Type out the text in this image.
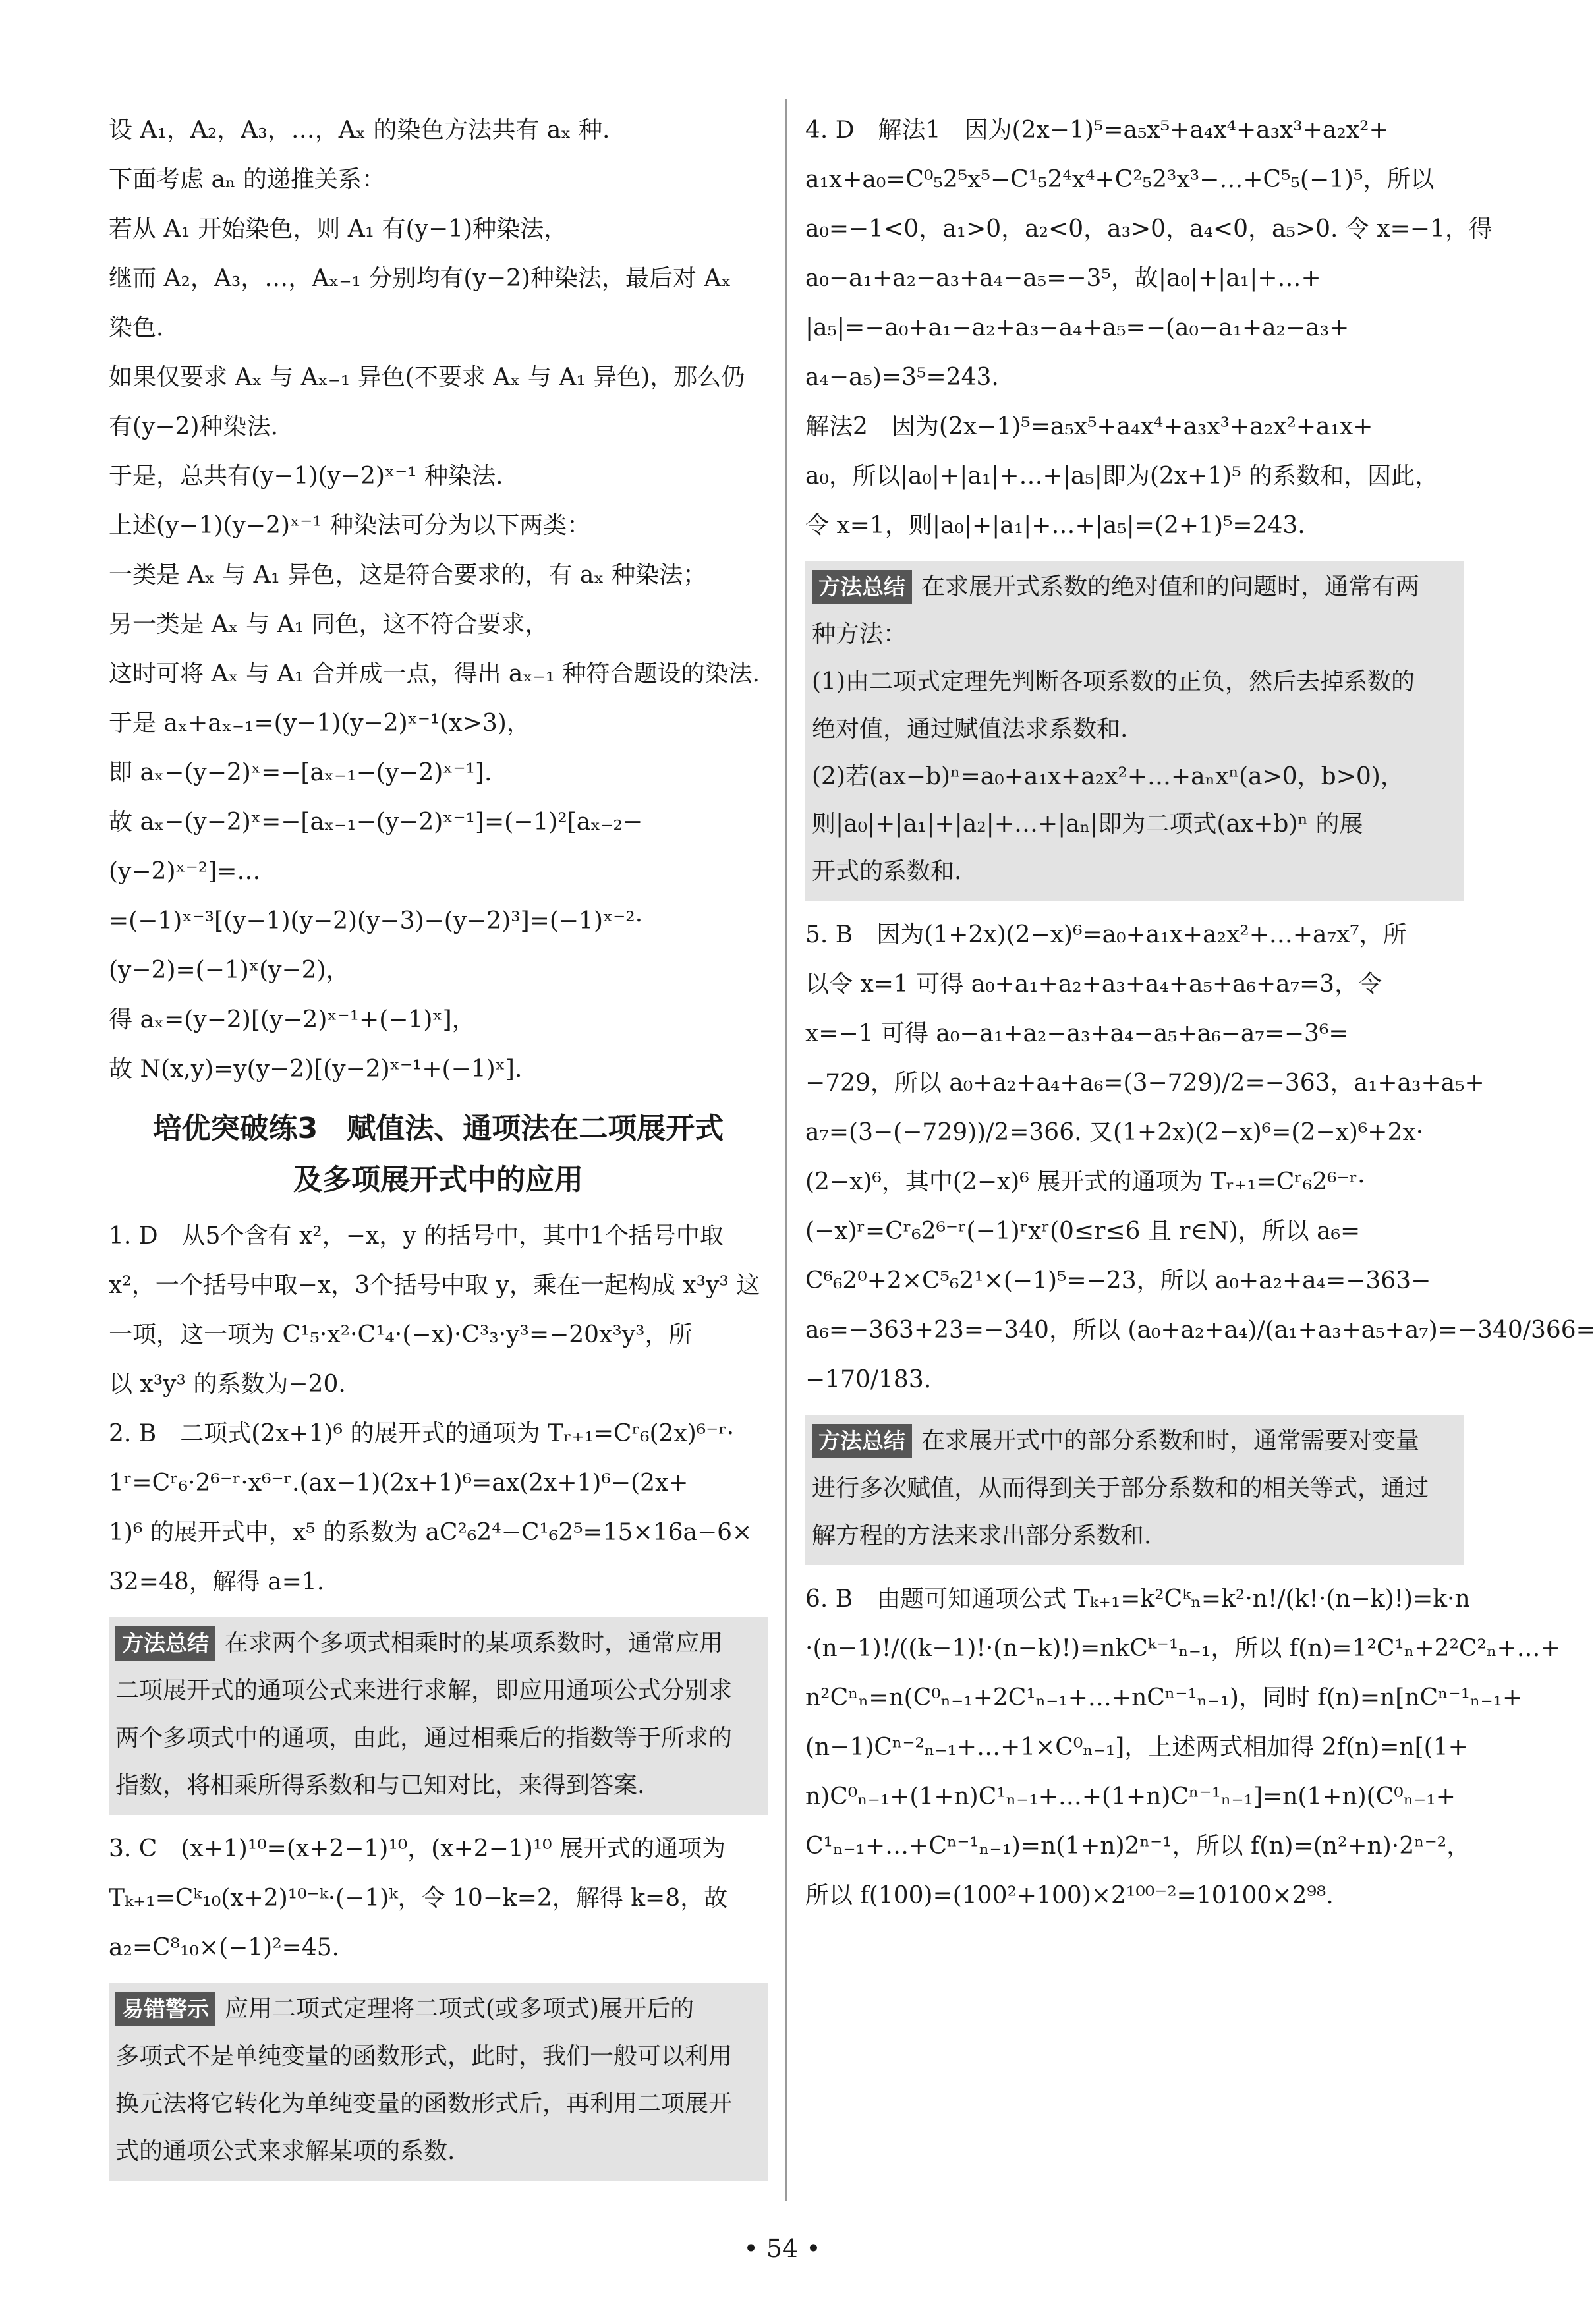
设 A₁，A₂，A₃，…，Aₓ 的染色方法共有 aₓ 种.
下面考虑 aₙ 的递推关系：
若从 A₁ 开始染色，则 A₁ 有(y−1)种染法，
继而 A₂，A₃，…，Aₓ₋₁ 分别均有(y−2)种染法，最后对 Aₓ
染色.
如果仅要求 Aₓ 与 Aₓ₋₁ 异色(不要求 Aₓ 与 A₁ 异色)，那么仍
有(y−2)种染法.
于是，总共有(y−1)(y−2)ˣ⁻¹ 种染法.
上述(y−1)(y−2)ˣ⁻¹ 种染法可分为以下两类：
一类是 Aₓ 与 A₁ 异色，这是符合要求的，有 aₓ 种染法；
另一类是 Aₓ 与 A₁ 同色，这不符合要求，
这时可将 Aₓ 与 A₁ 合并成一点，得出 aₓ₋₁ 种符合题设的染法.
于是 aₓ+aₓ₋₁=(y−1)(y−2)ˣ⁻¹(x>3)，
即 aₓ−(y−2)ˣ=−[aₓ₋₁−(y−2)ˣ⁻¹].
故 aₓ−(y−2)ˣ=−[aₓ₋₁−(y−2)ˣ⁻¹]=(−1)²[aₓ₋₂−
(y−2)ˣ⁻²]=…
=(−1)ˣ⁻³[(y−1)(y−2)(y−3)−(y−2)³]=(−1)ˣ⁻²·
(y−2)=(−1)ˣ(y−2)，
得 aₓ=(y−2)[(y−2)ˣ⁻¹+(−1)ˣ]，
故 N(x,y)=y(y−2)[(y−2)ˣ⁻¹+(−1)ˣ].
培优突破练3　赋值法、通项法在二项展开式
及多项展开式中的应用
1. D　从5个含有 x²，−x，y 的括号中，其中1个括号中取
x²，一个括号中取−x，3个括号中取 y，乘在一起构成 x³y³ 这
一项，这一项为 C¹₅·x²·C¹₄·(−x)·C³₃·y³=−20x³y³，所
以 x³y³ 的系数为−20.
2. B　二项式(2x+1)⁶ 的展开式的通项为 Tᵣ₊₁=Cʳ₆(2x)⁶⁻ʳ·
1ʳ=Cʳ₆·2⁶⁻ʳ·x⁶⁻ʳ.(ax−1)(2x+1)⁶=ax(2x+1)⁶−(2x+
1)⁶ 的展开式中，x⁵ 的系数为 aC²₆2⁴−C¹₆2⁵=15×16a−6×
32=48，解得 a=1.
方法总结 在求两个多项式相乘时的某项系数时，通常应用
二项展开式的通项公式来进行求解，即应用通项公式分别求
两个多项式中的通项，由此，通过相乘后的指数等于所求的
指数，将相乘所得系数和与已知对比，来得到答案.
3. C　(x+1)¹⁰=(x+2−1)¹⁰，(x+2−1)¹⁰ 展开式的通项为
Tₖ₊₁=Cᵏ₁₀(x+2)¹⁰⁻ᵏ·(−1)ᵏ，令 10−k=2，解得 k=8，故
a₂=C⁸₁₀×(−1)²=45.
易错警示 应用二项式定理将二项式(或多项式)展开后的
多项式不是单纯变量的函数形式，此时，我们一般可以利用
换元法将它转化为单纯变量的函数形式后，再利用二项展开
式的通项公式来求解某项的系数.
4. D　解法1　因为(2x−1)⁵=a₅x⁵+a₄x⁴+a₃x³+a₂x²+
a₁x+a₀=C⁰₅2⁵x⁵−C¹₅2⁴x⁴+C²₅2³x³−…+C⁵₅(−1)⁵，所以
a₀=−1<0，a₁>0，a₂<0，a₃>0，a₄<0，a₅>0. 令 x=−1，得
a₀−a₁+a₂−a₃+a₄−a₅=−3⁵，故|a₀|+|a₁|+…+
|a₅|=−a₀+a₁−a₂+a₃−a₄+a₅=−(a₀−a₁+a₂−a₃+
a₄−a₅)=3⁵=243.
解法2　因为(2x−1)⁵=a₅x⁵+a₄x⁴+a₃x³+a₂x²+a₁x+
a₀，所以|a₀|+|a₁|+…+|a₅|即为(2x+1)⁵ 的系数和，因此，
令 x=1，则|a₀|+|a₁|+…+|a₅|=(2+1)⁵=243.
方法总结 在求展开式系数的绝对值和的问题时，通常有两
种方法：
(1)由二项式定理先判断各项系数的正负，然后去掉系数的
绝对值，通过赋值法求系数和.
(2)若(ax−b)ⁿ=a₀+a₁x+a₂x²+…+aₙxⁿ(a>0，b>0)，
则|a₀|+|a₁|+|a₂|+…+|aₙ|即为二项式(ax+b)ⁿ 的展
开式的系数和.
5. B　因为(1+2x)(2−x)⁶=a₀+a₁x+a₂x²+…+a₇x⁷，所
以令 x=1 可得 a₀+a₁+a₂+a₃+a₄+a₅+a₆+a₇=3，令
x=−1 可得 a₀−a₁+a₂−a₃+a₄−a₅+a₆−a₇=−3⁶=
−729，所以 a₀+a₂+a₄+a₆=(3−729)/2=−363，a₁+a₃+a₅+
a₇=(3−(−729))/2=366. 又(1+2x)(2−x)⁶=(2−x)⁶+2x·
(2−x)⁶，其中(2−x)⁶ 展开式的通项为 Tᵣ₊₁=Cʳ₆2⁶⁻ʳ·
(−x)ʳ=Cʳ₆2⁶⁻ʳ(−1)ʳxʳ(0≤r≤6 且 r∈N)，所以 a₆=
C⁶₆2⁰+2×C⁵₆2¹×(−1)⁵=−23，所以 a₀+a₂+a₄=−363−
a₆=−363+23=−340，所以 (a₀+a₂+a₄)/(a₁+a₃+a₅+a₇)=−340/366=
−170/183.
方法总结 在求展开式中的部分系数和时，通常需要对变量
进行多次赋值，从而得到关于部分系数和的相关等式，通过
解方程的方法来求出部分系数和.
6. B　由题可知通项公式 Tₖ₊₁=k²Cᵏₙ=k²·n!/(k!·(n−k)!)=k·n
·(n−1)!/((k−1)!·(n−k)!)=nkCᵏ⁻¹ₙ₋₁，所以 f(n)=1²C¹ₙ+2²C²ₙ+…+
n²Cⁿₙ=n(C⁰ₙ₋₁+2C¹ₙ₋₁+…+nCⁿ⁻¹ₙ₋₁)，同时 f(n)=n[nCⁿ⁻¹ₙ₋₁+
(n−1)Cⁿ⁻²ₙ₋₁+…+1×C⁰ₙ₋₁]，上述两式相加得 2f(n)=n[(1+
n)C⁰ₙ₋₁+(1+n)C¹ₙ₋₁+…+(1+n)Cⁿ⁻¹ₙ₋₁]=n(1+n)(C⁰ₙ₋₁+
C¹ₙ₋₁+…+Cⁿ⁻¹ₙ₋₁)=n(1+n)2ⁿ⁻¹，所以 f(n)=(n²+n)·2ⁿ⁻²，
所以 f(100)=(100²+100)×2¹⁰⁰⁻²=10100×2⁹⁸.
• 54 •
